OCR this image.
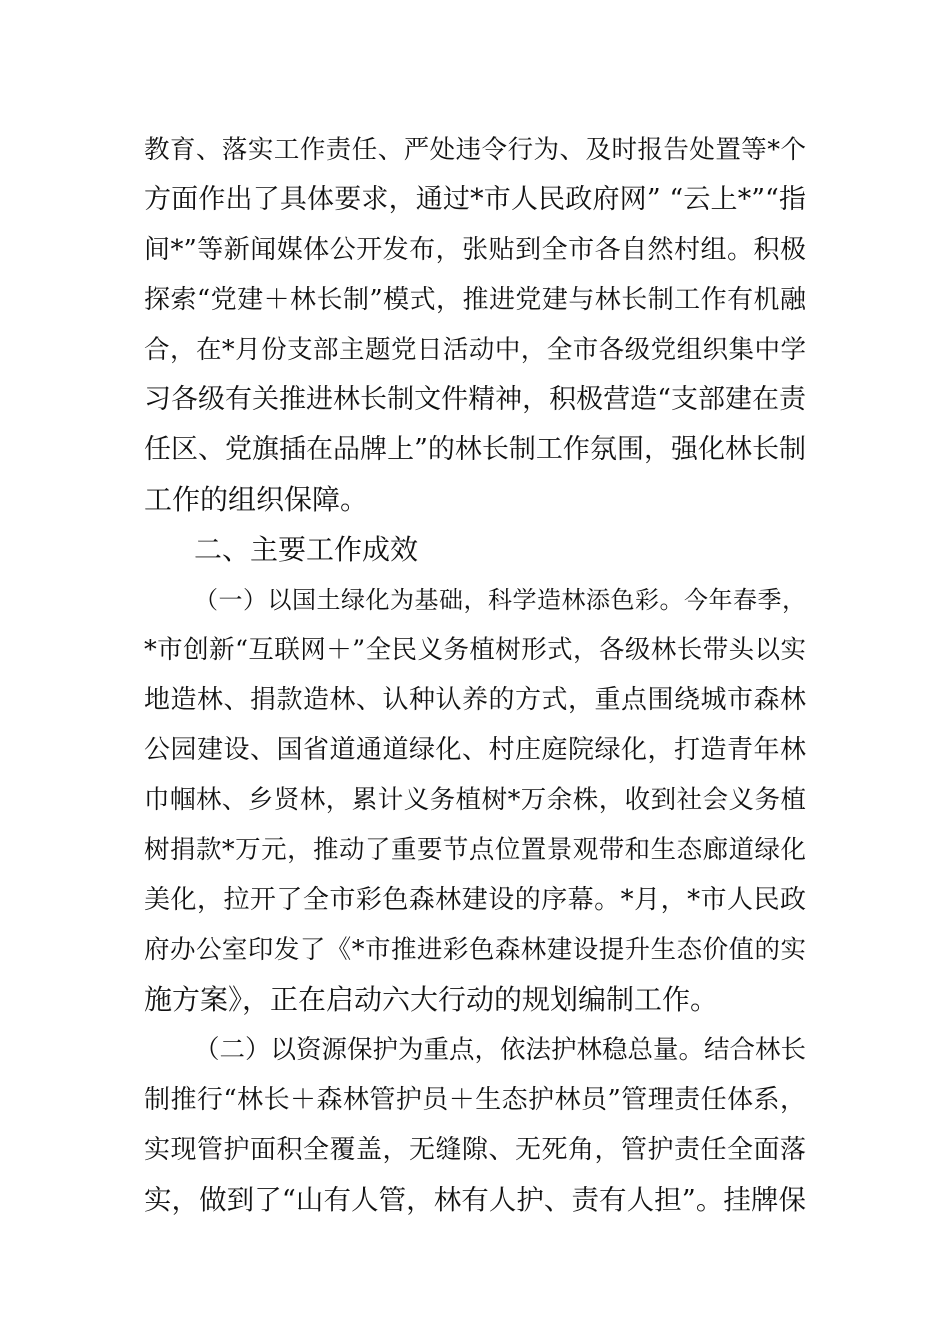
教育、落实工作责任、严处违令行为、及时报告处置等*个
方面作出了具体要求，通过*市人民政府网” “云上*”“指
间*”等新闻媒体公开发布，张贴到全市各自然村组。积极
探索“党建＋林长制”模式，推进党建与林长制工作有机融
合，在*月份支部主题党日活动中，全市各级党组织集中学
习各级有关推进林长制文件精神，积极营造“支部建在责
任区、党旗插在品牌上”的林长制工作氛围，强化林长制
工作的组织保障。
二、主要工作成效
（一）以国土绿化为基础，科学造林添色彩。今年春季，
*市创新“互联网＋”全民义务植树形式，各级林长带头以实
地造林、捐款造林、认种认养的方式，重点围绕城市森林
公园建设、国省道通道绿化、村庄庭院绿化，打造青年林
巾帼林、乡贤林，累计义务植树*万余株，收到社会义务植
树捐款*万元，推动了重要节点位置景观带和生态廊道绿化
美化，拉开了全市彩色森林建设的序幕。*月，*市人民政
府办公室印发了《*市推进彩色森林建设提升生态价值的实
施方案》，正在启动六大行动的规划编制工作。
（二）以资源保护为重点，依法护林稳总量。结合林长
制推行“林长＋森林管护员＋生态护林员”管理责任体系，
实现管护面积全覆盖，无缝隙、无死角，管护责任全面落
实，做到了“山有人管，林有人护、责有人担”。挂牌保
